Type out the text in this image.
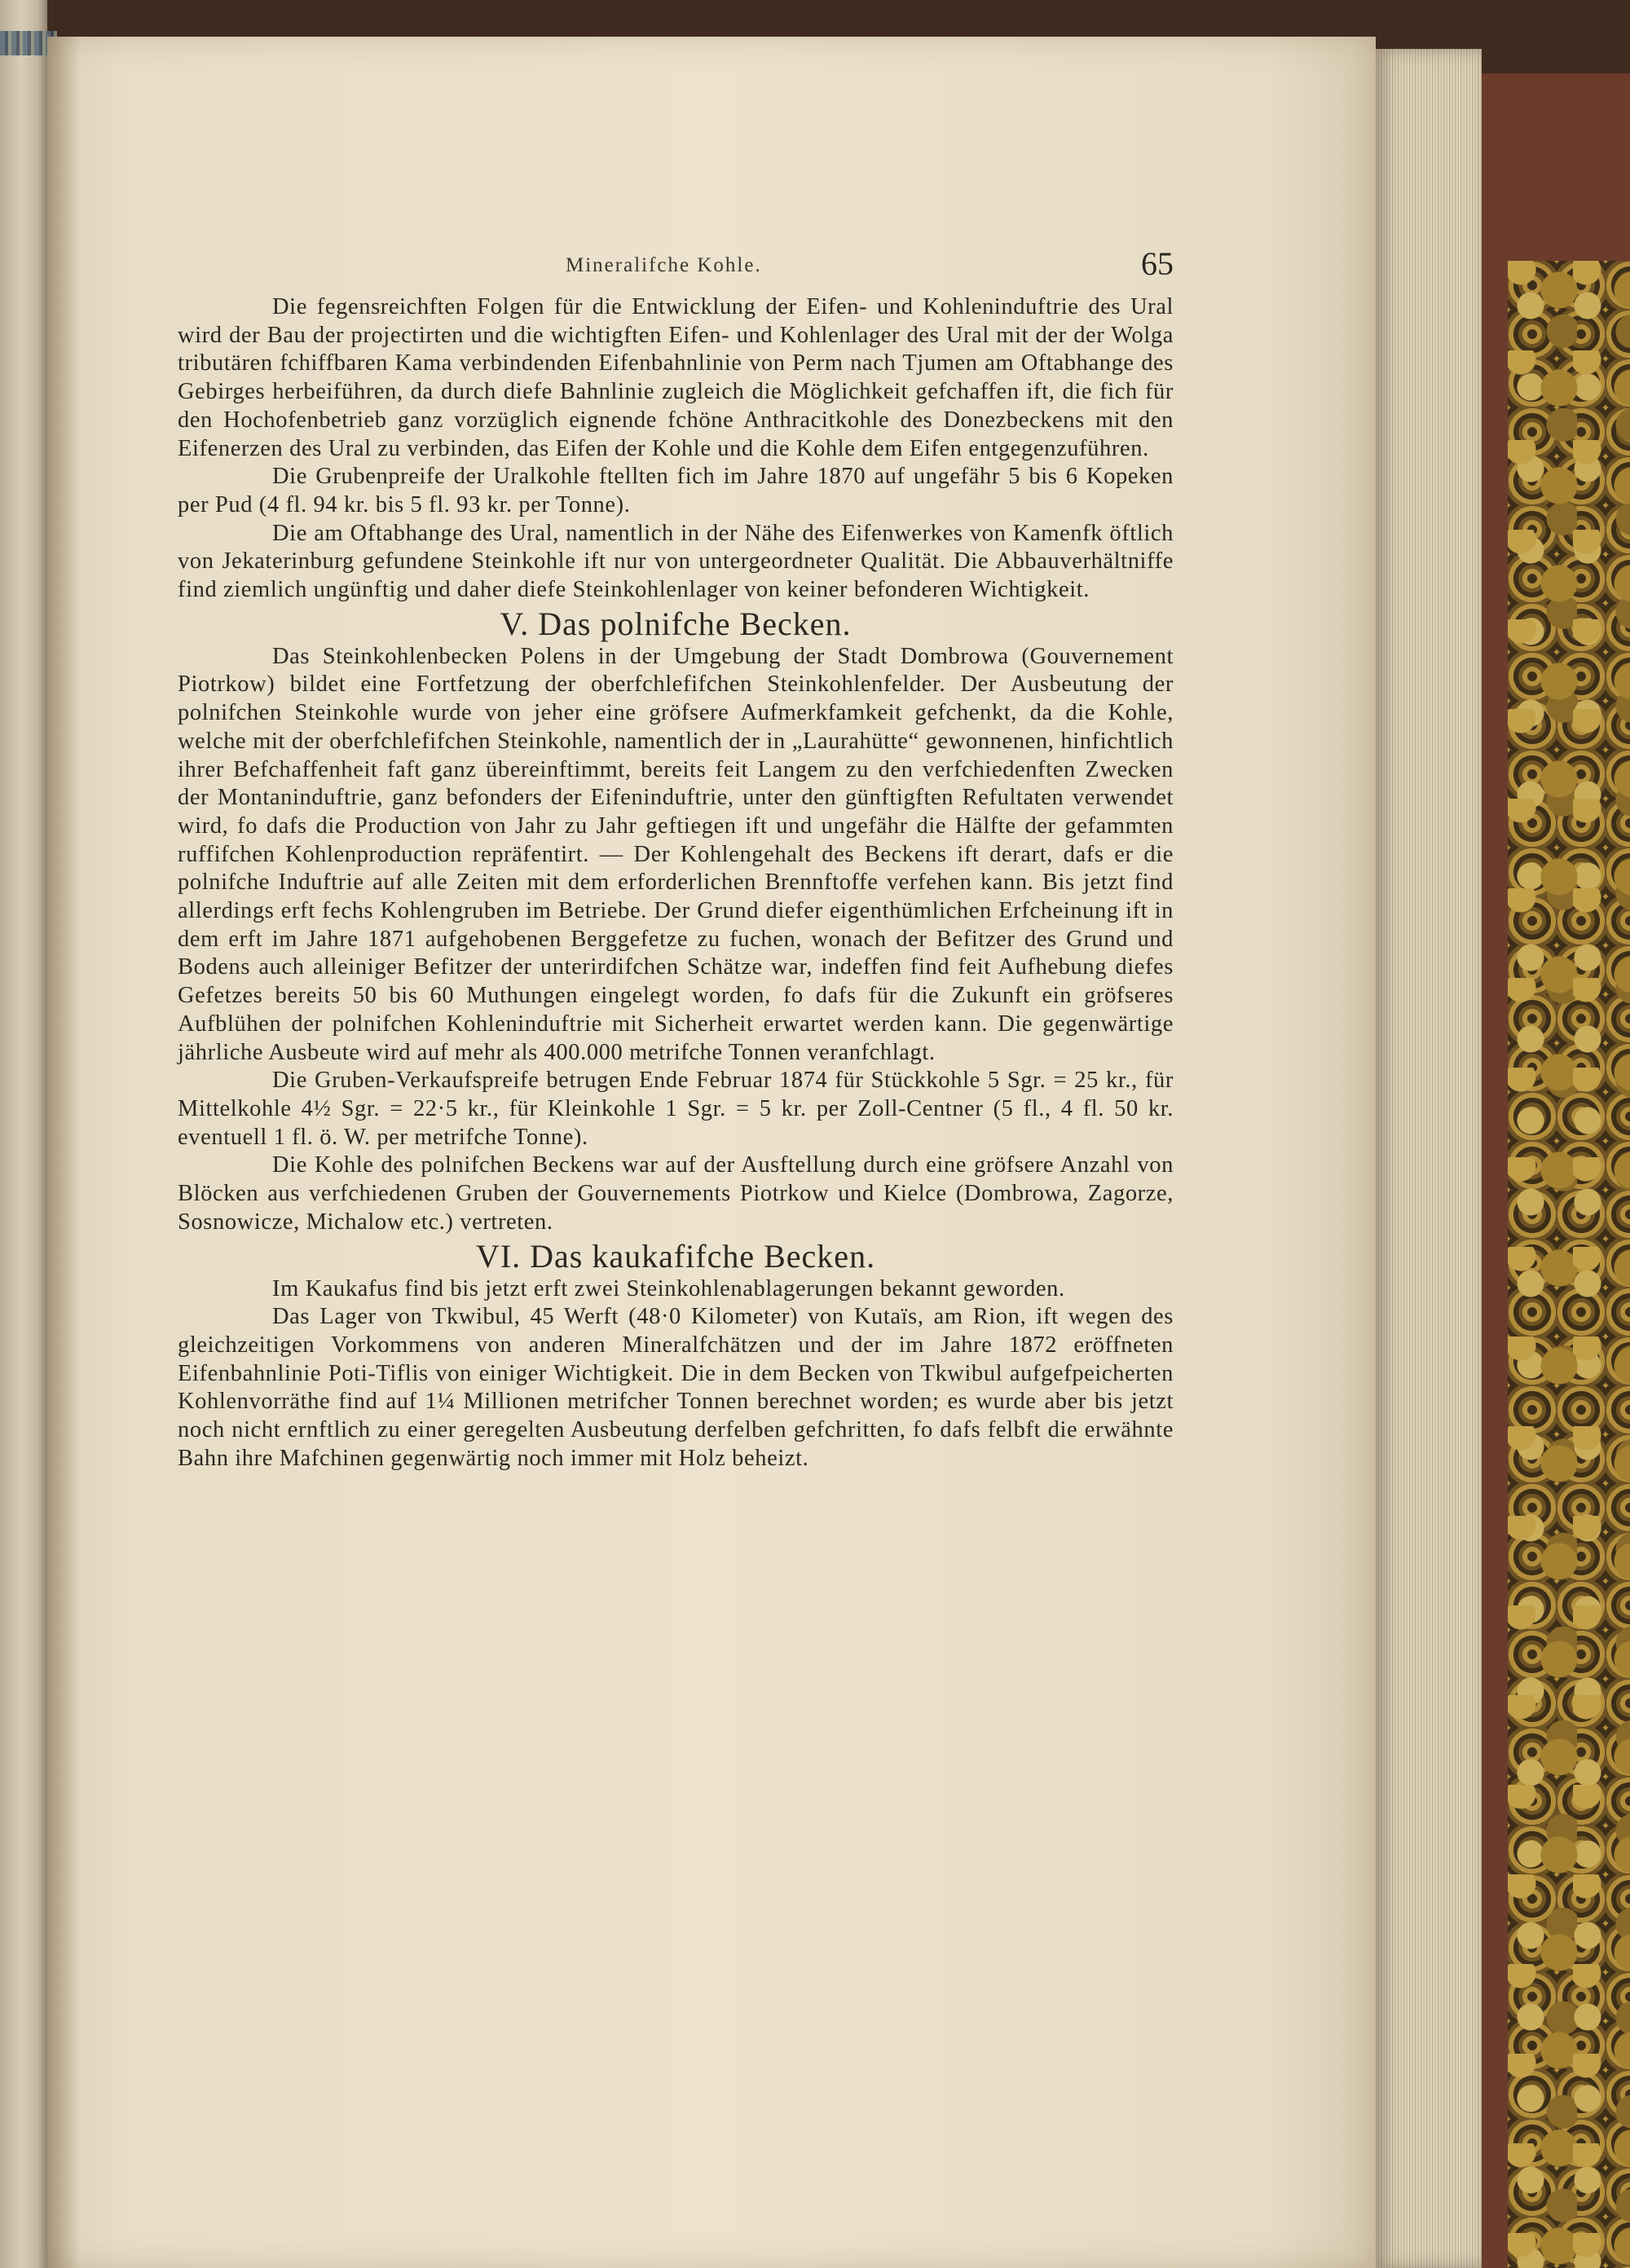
Mineralifche Kohle.	65

Die fegensreichften Folgen für die Entwicklung der Eifen- und Kohleninduftrie des Ural wird der Bau der projectirten und die wichtigften Eifen- und Kohlenlager des Ural mit der der Wolga tributären fchiffbaren Kama verbindenden Eifenbahnlinie von Perm nach Tjumen am Oftabhange des Gebirges herbeiführen, da durch diefe Bahnlinie zugleich die Möglichkeit gefchaffen ift, die fich für den Hochofenbetrieb ganz vorzüglich eignende fchöne Anthracitkohle des Donezbeckens mit den Eifenerzen des Ural zu verbinden, das Eifen der Kohle und die Kohle dem Eifen entgegenzuführen.

Die Grubenpreife der Uralkohle ftellten fich im Jahre 1870 auf ungefähr 5 bis 6 Kopeken per Pud (4 fl. 94 kr. bis 5 fl. 93 kr. per Tonne).

Die am Oftabhange des Ural, namentlich in der Nähe des Eifenwerkes von Kamenfk öftlich von Jekaterinburg gefundene Steinkohle ift nur von untergeordneter Qualität. Die Abbauverhältniffe find ziemlich ungünftig und daher diefe Steinkohlenlager von keiner befonderen Wichtigkeit.

V. Das polnifche Becken.

Das Steinkohlenbecken Polens in der Umgebung der Stadt Dombrowa (Gouvernement Piotrkow) bildet eine Fortfetzung der oberfchlefifchen Steinkohlenfelder. Der Ausbeutung der polnifchen Steinkohle wurde von jeher eine gröfsere Aufmerkfamkeit gefchenkt, da die Kohle, welche mit der oberfchlefifchen Steinkohle, namentlich der in „Laurahütte“ gewonnenen, hinfichtlich ihrer Befchaffenheit faft ganz übereinftimmt, bereits feit Langem zu den verfchiedenften Zwecken der Montaninduftrie, ganz befonders der Eifeninduftrie, unter den günftigften Refultaten verwendet wird, fo dafs die Production von Jahr zu Jahr geftiegen ift und ungefähr die Hälfte der gefammten ruffifchen Kohlenproduction repräfentirt. — Der Kohlengehalt des Beckens ift derart, dafs er die polnifche Induftrie auf alle Zeiten mit dem erforderlichen Brennftoffe verfehen kann. Bis jetzt find allerdings erft fechs Kohlengruben im Betriebe. Der Grund diefer eigenthümlichen Erfcheinung ift in dem erft im Jahre 1871 aufgehobenen Berggefetze zu fuchen, wonach der Befitzer des Grund und Bodens auch alleiniger Befitzer der unterirdifchen Schätze war, indeffen find feit Aufhebung diefes Gefetzes bereits 50 bis 60 Muthungen eingelegt worden, fo dafs für die Zukunft ein gröfseres Aufblühen der polnifchen Kohleninduftrie mit Sicherheit erwartet werden kann. Die gegenwärtige jährliche Ausbeute wird auf mehr als 400.000 metrifche Tonnen veranfchlagt.

Die Gruben-Verkaufspreife betrugen Ende Februar 1874 für Stückkohle 5 Sgr. = 25 kr., für Mittelkohle 4½ Sgr. = 22·5 kr., für Kleinkohle 1 Sgr. = 5 kr. per Zoll-Centner (5 fl., 4 fl. 50 kr. eventuell 1 fl. ö. W. per metrifche Tonne).

Die Kohle des polnifchen Beckens war auf der Ausftellung durch eine gröfsere Anzahl von Blöcken aus verfchiedenen Gruben der Gouvernements Piotrkow und Kielce (Dombrowa, Zagorze, Sosnowicze, Michalow etc.) vertreten.

VI. Das kaukafifche Becken.

Im Kaukafus find bis jetzt erft zwei Steinkohlenablagerungen bekannt geworden.

Das Lager von Tkwibul, 45 Werft (48·0 Kilometer) von Kutaïs, am Rion, ift wegen des gleichzeitigen Vorkommens von anderen Mineralfchätzen und der im Jahre 1872 eröffneten Eifenbahnlinie Poti-Tiflis von einiger Wichtigkeit. Die in dem Becken von Tkwibul aufgefpeicherten Kohlenvorräthe find auf 1¼ Millionen metrifcher Tonnen berechnet worden; es wurde aber bis jetzt noch nicht ernftlich zu einer geregelten Ausbeutung derfelben gefchritten, fo dafs felbft die erwähnte Bahn ihre Mafchinen gegenwärtig noch immer mit Holz beheizt.
